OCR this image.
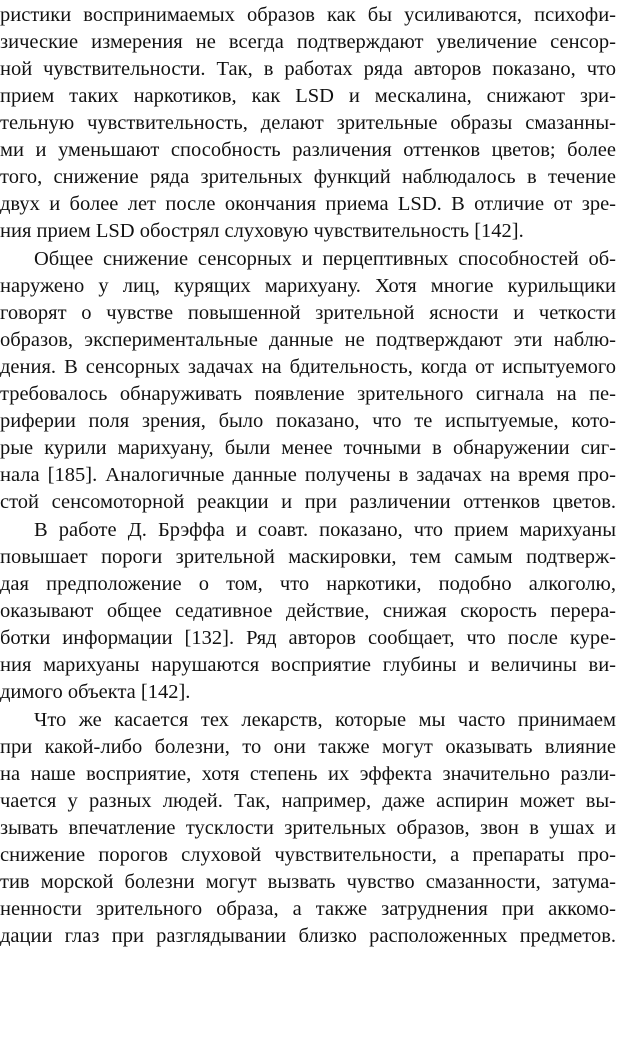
ристики воспринимаемых образов как бы усиливаются, психофи-
зические измерения не всегда подтверждают увеличение сенсор-
ной чувствительности. Так, в работах ряда авторов показано, что
прием таких наркотиков, как LSD и мескалина, снижают зри-
тельную чувствительность, делают зрительные образы смазанны-
ми и уменьшают способность различения оттенков цветов; более
того, снижение ряда зрительных функций наблюдалось в течение
двух и более лет после окончания приема LSD. В отличие от зре-
ния прием LSD обострял слуховую чувствительность [142].
Общее снижение сенсорных и перцептивных способностей об-
наружено у лиц, курящих марихуану. Хотя многие курильщики
говорят о чувстве повышенной зрительной ясности и четкости
образов, экспериментальные данные не подтверждают эти наблю-
дения. В сенсорных задачах на бдительность, когда от испытуемого
требовалось обнаруживать появление зрительного сигнала на пе-
риферии поля зрения, было показано, что те испытуемые, кото-
рые курили марихуану, были менее точными в обнаружении сиг-
нала [185]. Аналогичные данные получены в задачах на время про-
стой сенсомоторной реакции и при различении оттенков цветов.
В работе Д. Брэффа и соавт. показано, что прием марихуаны
повышает пороги зрительной маскировки, тем самым подтверж-
дая предположение о том, что наркотики, подобно алкоголю,
оказывают общее седативное действие, снижая скорость перера-
ботки информации [132]. Ряд авторов сообщает, что после куре-
ния марихуаны нарушаются восприятие глубины и величины ви-
димого объекта [142].
Что же касается тех лекарств, которые мы часто принимаем
при какой-либо болезни, то они также могут оказывать влияние
на наше восприятие, хотя степень их эффекта значительно разли-
чается у разных людей. Так, например, даже аспирин может вы-
зывать впечатление тусклости зрительных образов, звон в ушах и
снижение порогов слуховой чувствительности, а препараты про-
тив морской болезни могут вызвать чувство смазанности, затума-
ненности зрительного образа, а также затруднения при аккомо-
дации глаз при разглядывании близко расположенных предметов.
